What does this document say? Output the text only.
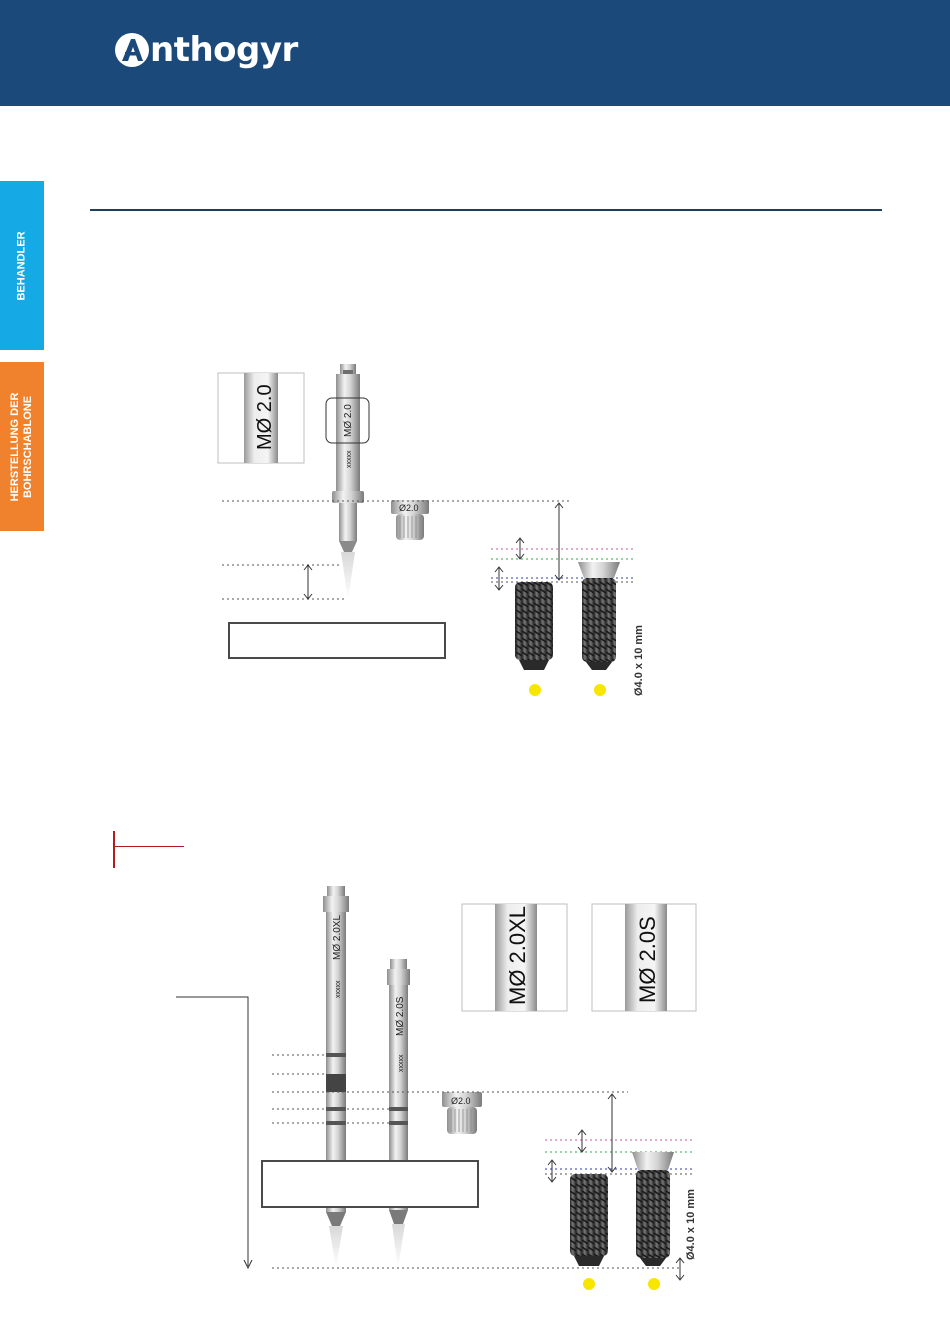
nthogyr
BEHANDLER
HERSTELLUNG DER
BOHRSCHABLONE	MØ 2.0	MØ 2.0
xxxxx
Ø2.0
Ø4.0 x 10 mm
MØ 2.0XL	MØ 2.0S
MØ 2.0XL
xxxxx
MØ 2.0S
xxxxx
Ø2.0
Ø4.0 x 10 mm
